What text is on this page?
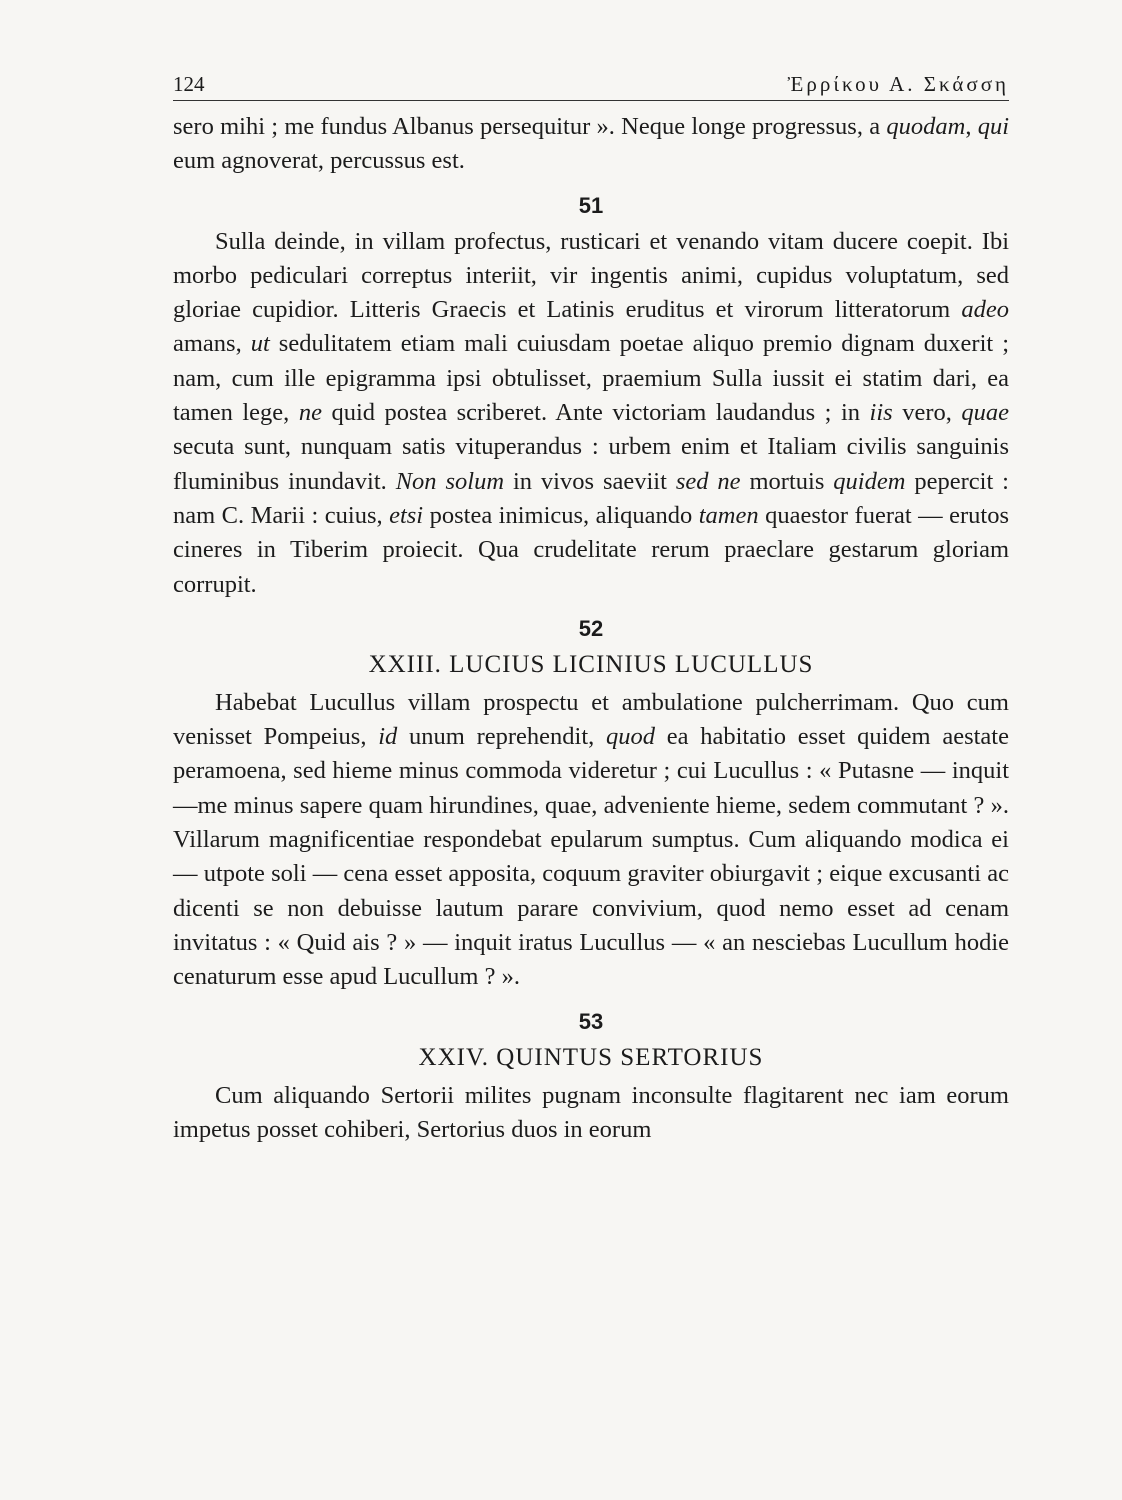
124	Ἐρρίκου Α. Σκάσση

sero mihi ; me fundus Albanus persequitur ». Neque longe progressus, a quodam, qui eum agnoverat, percussus est.

51

Sulla deinde, in villam profectus, rusticari et venando vitam ducere coepit. Ibi morbo pediculari correptus interiit, vir ingentis animi, cupidus voluptatum, sed gloriae cupidior. Litteris Graecis et Latinis eruditus et virorum litteratorum adeo amans, ut sedulitatem etiam mali cuiusdam poetae aliquo premio dignam duxerit ; nam, cum ille epigramma ipsi obtulisset, praemium Sulla iussit ei statim dari, ea tamen lege, ne quid postea scriberet. Ante victoriam laudandus ; in iis vero, quae secuta sunt, nunquam satis vituperandus : urbem enim et Italiam civilis sanguinis fluminibus inundavit. Non solum in vivos saeviit sed ne mortuis quidem pepercit : nam C. Marii : cuius, etsi postea inimicus, aliquando tamen quaestor fuerat — erutos cineres in Tiberim proiecit. Qua crudelitate rerum praeclare gestarum gloriam corrupit.

52
XXIII. LUCIUS LICINIUS LUCULLUS

Habebat Lucullus villam prospectu et ambulatione pulcherrimam. Quo cum venisset Pompeius, id unum reprehendit, quod ea habitatio esset quidem aestate peramoena, sed hieme minus commoda videretur ; cui Lucullus : « Putasne — inquit —me minus sapere quam hirundines, quae, adveniente hieme, sedem commutant ? ». Villarum magnificentiae respondebat epularum sumptus. Cum aliquando modica ei — utpote soli — cena esset apposita, coquum graviter obiurgavit ; eique excusanti ac dicenti se non debuisse lautum parare convivium, quod nemo esset ad cenam invitatus : « Quid ais ? » — inquit iratus Lucullus — « an nesciebas Lucullum hodie cenaturum esse apud Lucullum ? ».

53
XXIV. QUINTUS SERTORIUS

Cum aliquando Sertorii milites pugnam inconsulte flagitarent nec iam eorum impetus posset cohiberi, Sertorius duos in eorum
